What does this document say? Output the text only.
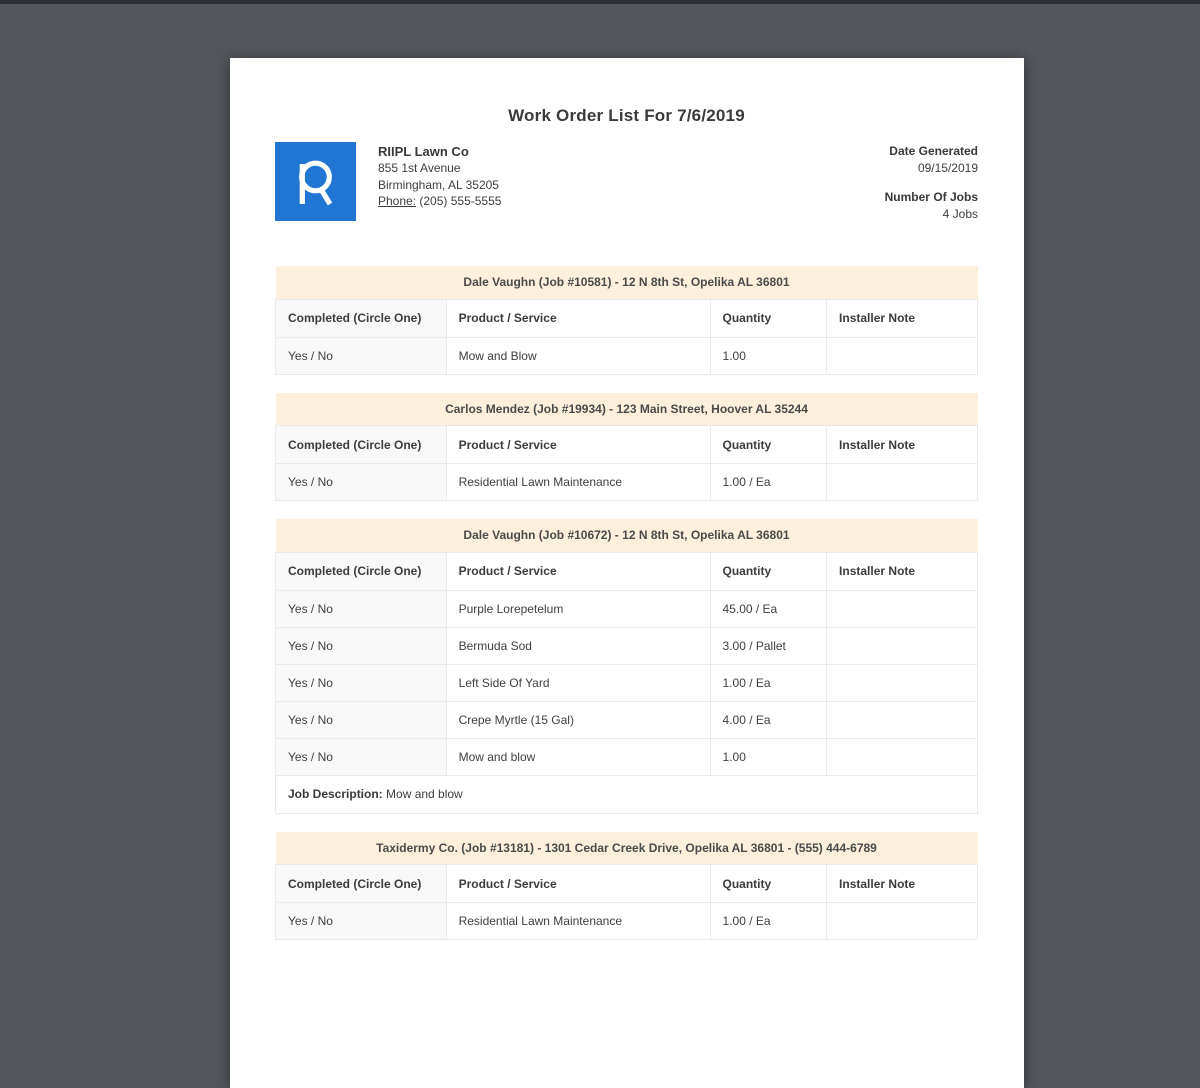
Work Order List For 7/6/2019
RIIPL Lawn Co
855 1st Avenue
Birmingham, AL 35205
Phone: (205) 555-5555
Date Generated
09/15/2019
Number Of Jobs
4 Jobs
Dale Vaughn (Job #10581) - 12 N 8th St, Opelika AL 36801			
Completed (Circle One)	Product / Service	Quantity	Installer Note
Yes / No	Mow and Blow	1.00	
Carlos Mendez (Job #19934) - 123 Main Street, Hoover AL 35244			
Completed (Circle One)	Product / Service	Quantity	Installer Note
Yes / No	Residential Lawn Maintenance	1.00 / Ea	
Dale Vaughn (Job #10672) - 12 N 8th St, Opelika AL 36801			
Completed (Circle One)	Product / Service	Quantity	Installer Note
Yes / No	Purple Lorepetelum	45.00 / Ea	
Yes / No	Bermuda Sod	3.00 / Pallet	
Yes / No	Left Side Of Yard	1.00 / Ea	
Yes / No	Crepe Myrtle (15 Gal)	4.00 / Ea	
Yes / No	Mow and blow	1.00	
Job Description: Mow and blow			
Taxidermy Co. (Job #13181) - 1301 Cedar Creek Drive, Opelika AL 36801 - (555) 444-6789			
Completed (Circle One)	Product / Service	Quantity	Installer Note
Yes / No	Residential Lawn Maintenance	1.00 / Ea	
